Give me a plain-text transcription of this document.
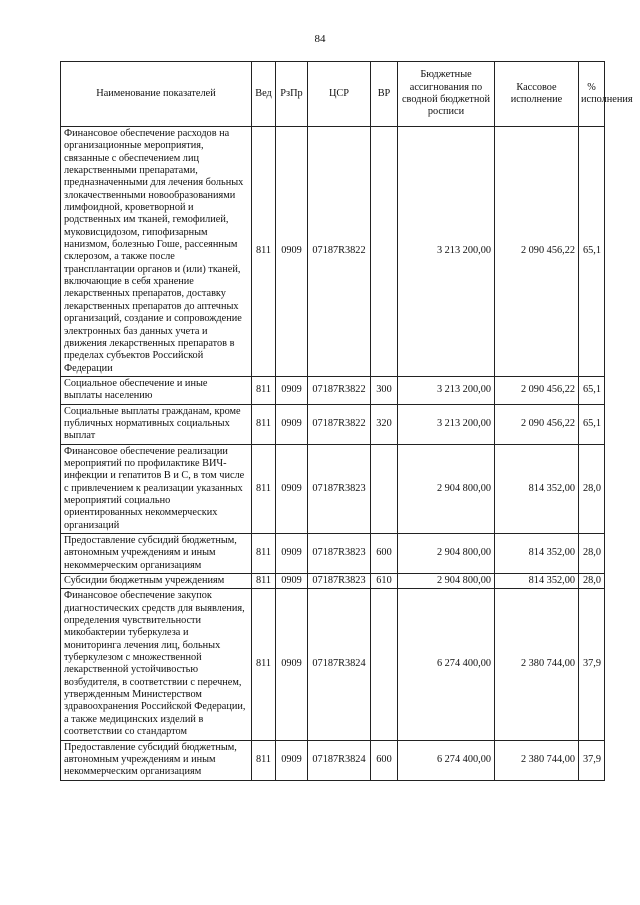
84
Наименование показателей	Вед	РзПр	ЦСР	ВР	Бюджетные ассигнования по сводной бюджетной росписи	Кассовое исполнение	% исполнения
Финансовое обеспечение расходов на организационные мероприятия, связанные с обеспечением лиц лекарственными препаратами, предназначенными для лечения больных злокачественными новообразованиями лимфоидной, кроветворной и родственных им тканей, гемофилией, муковисцидозом, гипофизарным нанизмом, болезнью Гоше, рассеянным склерозом, а также после трансплантации органов и (или) тканей, включающие в себя хранение лекарственных препаратов, доставку лекарственных препаратов до аптечных организаций, создание и сопровождение электронных баз данных учета и движения лекарственных препаратов в пределах субъектов Российской Федерации	811	0909	07187R3822		3 213 200,00	2 090 456,22	65,1
Социальное обеспечение и иные выплаты населению	811	0909	07187R3822	300	3 213 200,00	2 090 456,22	65,1
Социальные выплаты гражданам, кроме публичных нормативных социальных выплат	811	0909	07187R3822	320	3 213 200,00	2 090 456,22	65,1
Финансовое обеспечение реализации мероприятий по профилактике ВИЧ-инфекции и гепатитов B и C, в том числе с привлечением к реализации указанных мероприятий социально ориентированных некоммерческих организаций	811	0909	07187R3823		2 904 800,00	814 352,00	28,0
Предоставление субсидий бюджетным, автономным учреждениям и иным некоммерческим организациям	811	0909	07187R3823	600	2 904 800,00	814 352,00	28,0
Субсидии бюджетным учреждениям	811	0909	07187R3823	610	2 904 800,00	814 352,00	28,0
Финансовое обеспечение закупок диагностических средств для выявления, определения чувствительности микобактерии туберкулеза и мониторинга лечения лиц, больных туберкулезом с множественной лекарственной устойчивостью возбудителя, в соответствии с перечнем, утвержденным Министерством здравоохранения Российской Федерации, а также медицинских изделий в соответствии со стандартом	811	0909	07187R3824		6 274 400,00	2 380 744,00	37,9
Предоставление субсидий бюджетным, автономным учреждениям и иным некоммерческим организациям	811	0909	07187R3824	600	6 274 400,00	2 380 744,00	37,9
